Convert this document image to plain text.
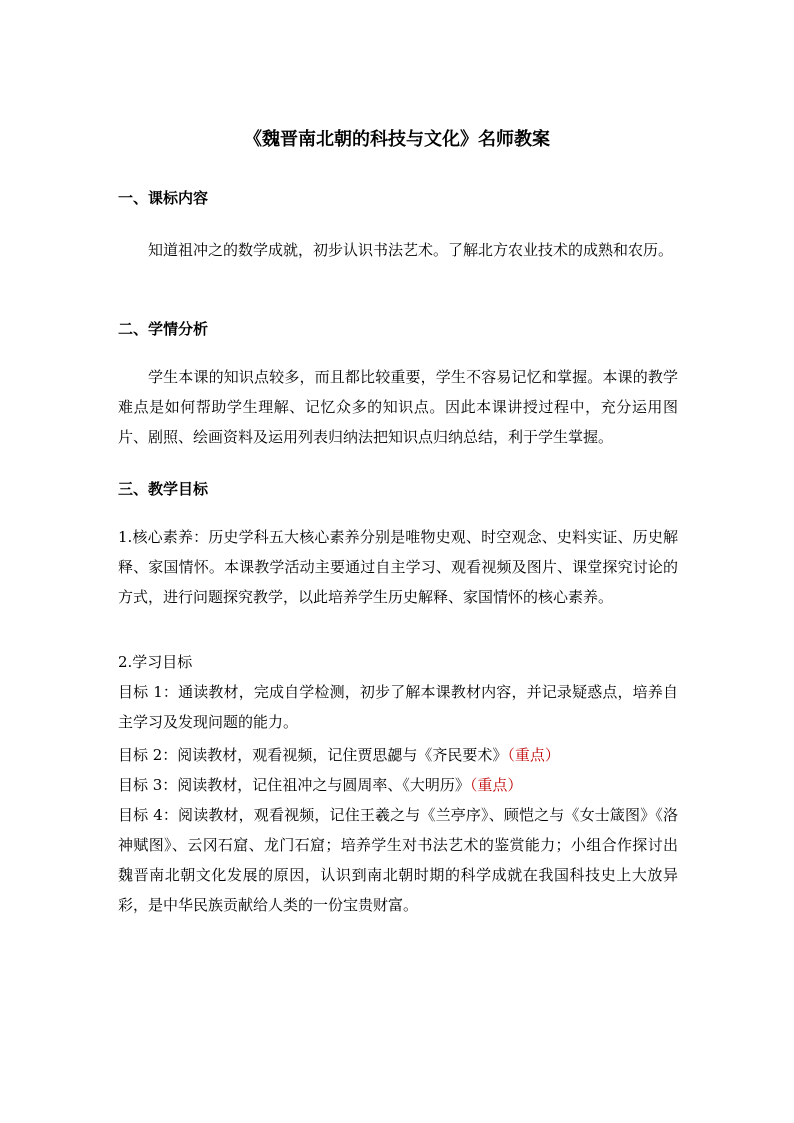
《魏晋南北朝的科技与文化》名师教案
一、课标内容
知道祖冲之的数学成就，初步认识书法艺术。了解北方农业技术的成熟和农历。
二、学情分析
学生本课的知识点较多，而且都比较重要，学生不容易记忆和掌握。本课的教学难点是如何帮助学生理解、记忆众多的知识点。因此本课讲授过程中，充分运用图片、剧照、绘画资料及运用列表归纳法把知识点归纳总结，利于学生掌握。
三、教学目标
1.核心素养：历史学科五大核心素养分别是唯物史观、时空观念、史料实证、历史解释、家国情怀。本课教学活动主要通过自主学习、观看视频及图片、课堂探究讨论的方式，进行问题探究教学，以此培养学生历史解释、家国情怀的核心素养。
2.学习目标
目标 1：通读教材，完成自学检测，初步了解本课教材内容，并记录疑惑点，培养自主学习及发现问题的能力。
目标 2：阅读教材，观看视频，记住贾思勰与《齐民要术》（重点）
目标 3：阅读教材，记住祖冲之与圆周率、《大明历》（重点）
目标 4：阅读教材，观看视频，记住王羲之与《兰亭序》、顾恺之与《女士箴图》《洛神赋图》、云冈石窟、龙门石窟；培养学生对书法艺术的鉴赏能力；小组合作探讨出魏晋南北朝文化发展的原因，认识到南北朝时期的科学成就在我国科技史上大放异彩，是中华民族贡献给人类的一份宝贵财富。
